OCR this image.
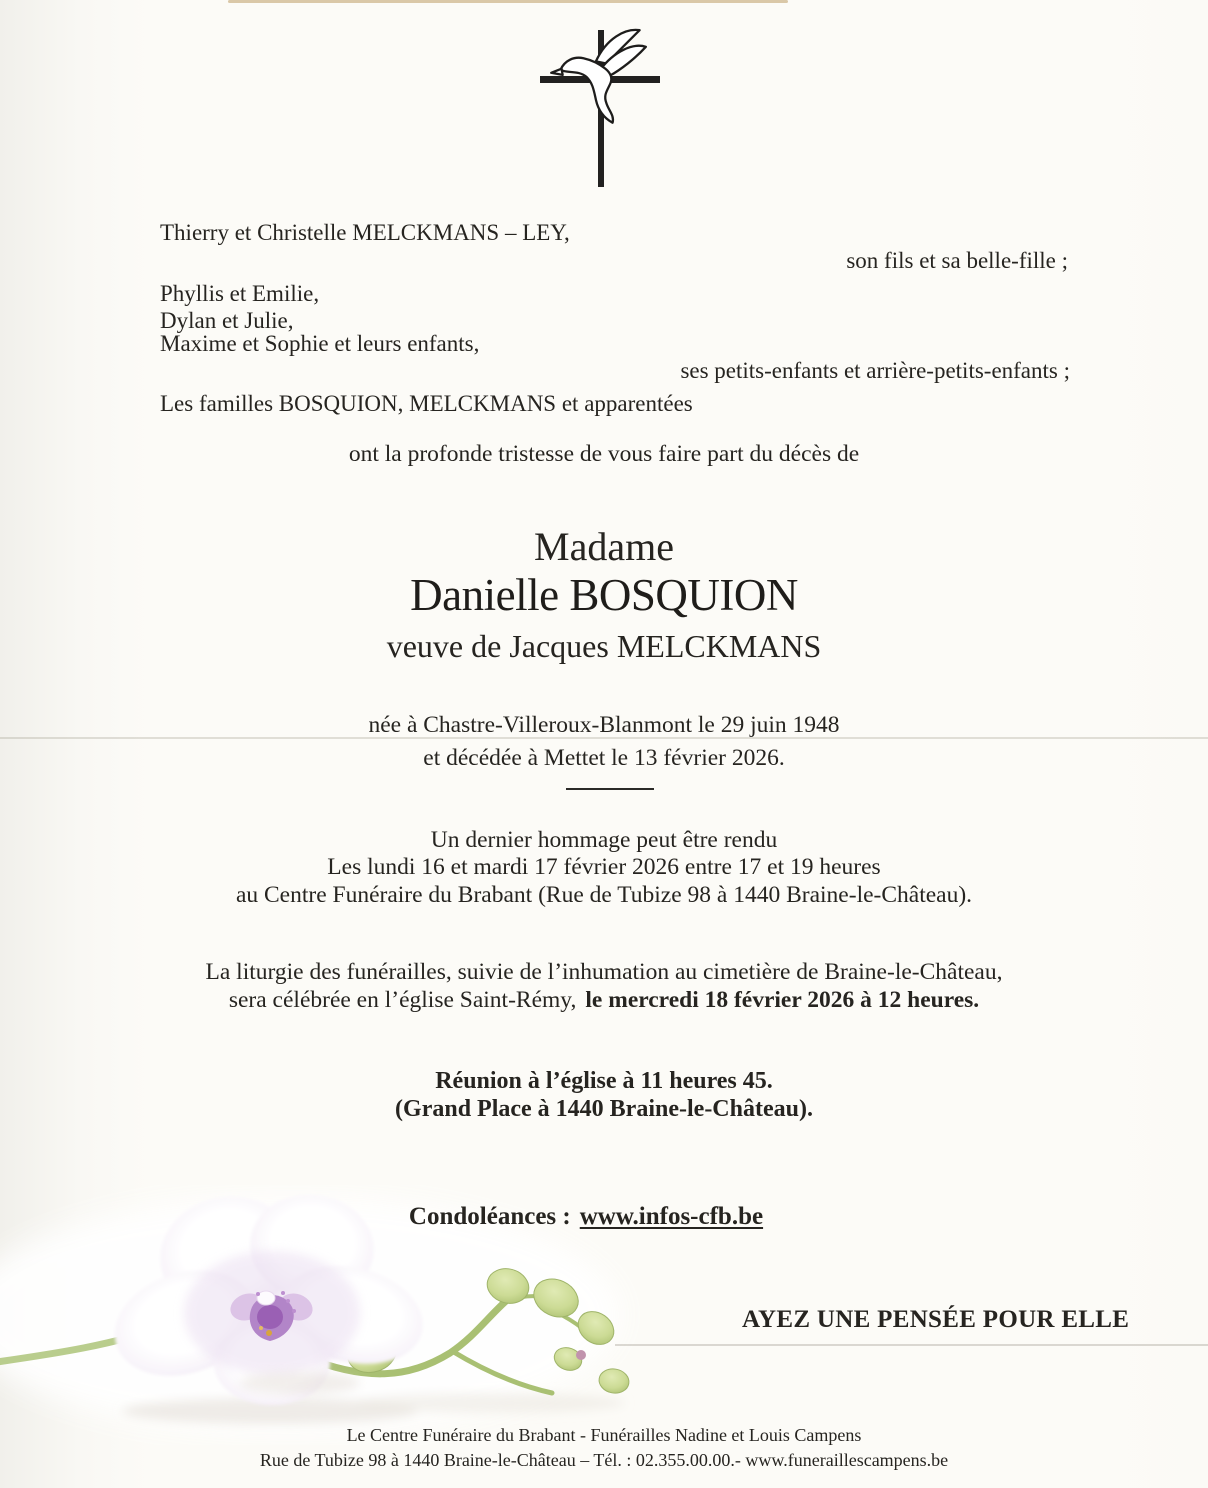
Thierry et Christelle MELCKMANS – LEY,
son fils et sa belle-fille ;
Phyllis et Emilie,
Dylan et Julie,
Maxime et Sophie et leurs enfants,
ses petits-enfants et arrière-petits-enfants ;
Les familles BOSQUION, MELCKMANS et apparentées
ont la profonde tristesse de vous faire part du décès de
Madame
Danielle BOSQUION
veuve de Jacques MELCKMANS
née à Chastre-Villeroux-Blanmont le 29 juin 1948
et décédée à Mettet le 13 février 2026.
Un dernier hommage peut être rendu
Les lundi 16 et mardi 17 février 2026 entre 17 et 19 heures
au Centre Funéraire du Brabant (Rue de Tubize 98 à 1440 Braine-le-Château).
La liturgie des funérailles, suivie de l’inhumation au cimetière de Braine-le-Château,
sera célébrée en l’église Saint-Rémy, le mercredi 18 février 2026 à 12 heures.
Réunion à l’église à 11 heures 45.
(Grand Place à 1440 Braine-le-Château).
Condoléances : www.infos-cfb.be
AYEZ UNE PENSÉE POUR ELLE
Le Centre Funéraire du Brabant - Funérailles Nadine et Louis Campens
Rue de Tubize 98 à 1440 Braine-le-Château – Tél. : 02.355.00.00.- www.funeraillescampens.be
